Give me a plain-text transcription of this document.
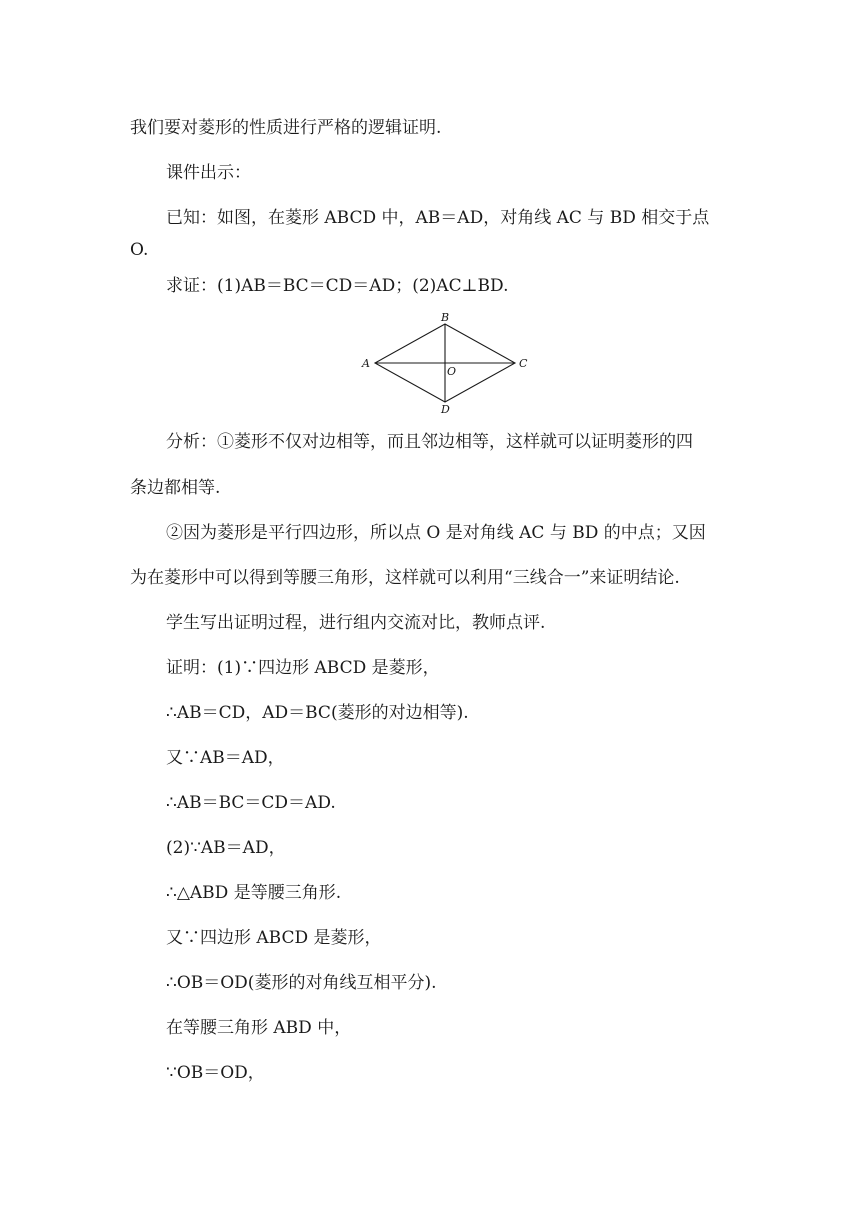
我们要对菱形的性质进行严格的逻辑证明.
课件出示：
已知：如图，在菱形 ABCD 中，AB＝AD，对角线 AC 与 BD 相交于点
O.
求证：(1)AB＝BC＝CD＝AD；(2)AC⊥BD.
A
B
C
D
O
分析：①菱形不仅对边相等，而且邻边相等，这样就可以证明菱形的四
条边都相等.
②因为菱形是平行四边形，所以点 O 是对角线 AC 与 BD 的中点；又因
为在菱形中可以得到等腰三角形，这样就可以利用“三线合一”来证明结论.
学生写出证明过程，进行组内交流对比，教师点评.
证明：(1)∵四边形 ABCD 是菱形，
∴AB＝CD，AD＝BC(菱形的对边相等).
又∵AB＝AD，
∴AB＝BC＝CD＝AD.
(2)∵AB＝AD，
∴△ABD 是等腰三角形.
又∵四边形 ABCD 是菱形，
∴OB＝OD(菱形的对角线互相平分).
在等腰三角形 ABD 中，
∵OB＝OD，
